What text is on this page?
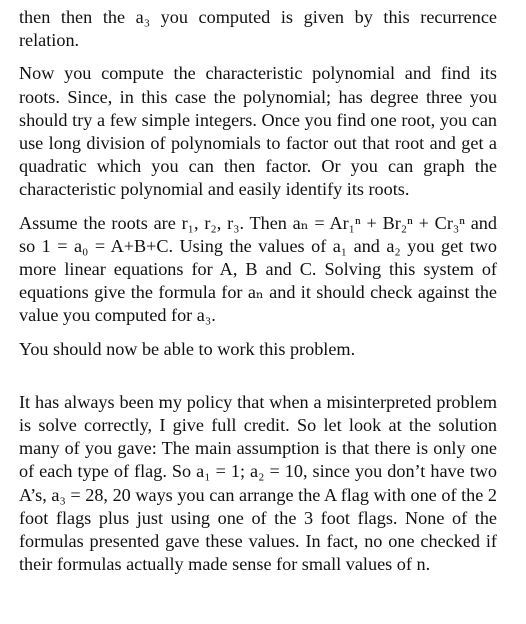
then then the a₃ you computed is given by this recurrence relation.

Now you compute the characteristic polynomial and find its roots. Since, in this case the polynomial; has degree three you should try a few simple integers. Once you find one root, you can use long division of polynomials to factor out that root and get a quadratic which you can then factor. Or you can graph the characteristic polynomial and easily identify its roots.

Assume the roots are r₁, r₂, r₃. Then aₙ = Ar₁ⁿ + Br₂ⁿ + Cr₃ⁿ and so 1 = a₀ = A+B+C. Using the values of a₁ and a₂ you get two more linear equations for A, B and C. Solving this system of equations give the formula for aₙ and it should check against the value you computed for a₃.

You should now be able to work this problem.

It has always been my policy that when a misinterpreted problem is solve correctly, I give full credit. So let look at the solution many of you gave: The main assumption is that there is only one of each type of flag. So a₁ = 1; a₂ = 10, since you don’t have two A’s, a₃ = 28, 20 ways you can arrange the A flag with one of the 2 foot flags plus just using one of the 3 foot flags. None of the formulas presented gave these values. In fact, no one checked if their formulas actually made sense for small values of n.
